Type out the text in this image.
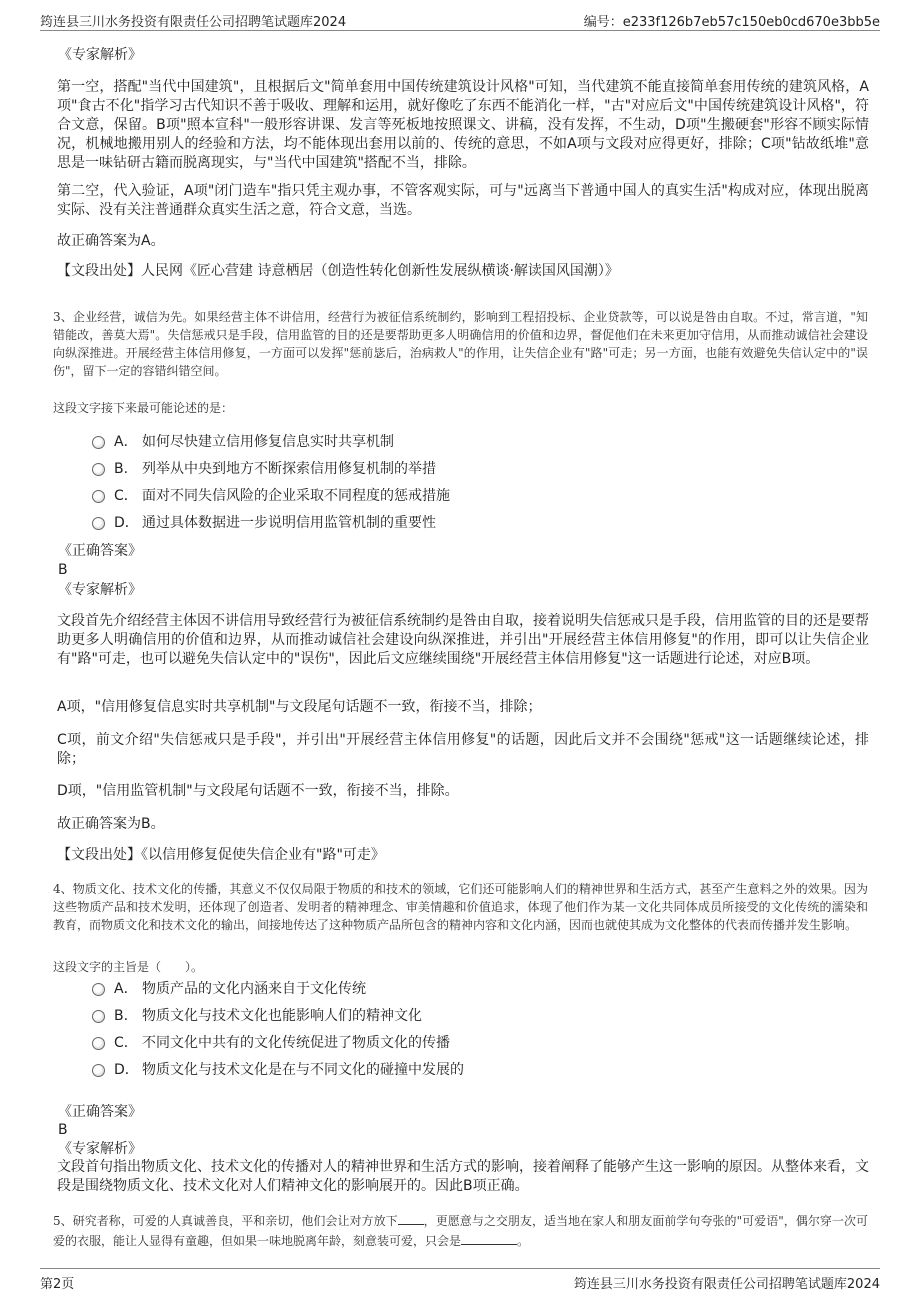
筠连县三川水务投资有限责任公司招聘笔试题库2024	编号：e233f126b7eb57c150eb0cd670e3bb5e
《专家解析》
第一空，搭配"当代中国建筑"，且根据后文"简单套用中国传统建筑设计风格"可知，当代建筑不能直接简单套用传统的建筑风格，A项"食古不化"指学习古代知识不善于吸收、理解和运用，就好像吃了东西不能消化一样，"古"对应后文"中国传统建筑设计风格"，符合文意，保留。B项"照本宣科"一般形容讲课、发言等死板地按照课文、讲稿，没有发挥，不生动，D项"生搬硬套"形容不顾实际情况，机械地搬用别人的经验和方法，均不能体现出套用以前的、传统的意思，不如A项与文段对应得更好，排除；C项"钻故纸堆"意思是一味钻研古籍而脱离现实，与"当代中国建筑"搭配不当，排除。
第二空，代入验证，A项"闭门造车"指只凭主观办事，不管客观实际，可与"远离当下普通中国人的真实生活"构成对应，体现出脱离实际、没有关注普通群众真实生活之意，符合文意，当选。
故正确答案为A。
【文段出处】人民网《匠心营建 诗意栖居（创造性转化创新性发展纵横谈·解读国风国潮）》
3、企业经营，诚信为先。如果经营主体不讲信用，经营行为被征信系统制约，影响到工程招投标、企业贷款等，可以说是咎由自取。不过，常言道，"知错能改，善莫大焉"。失信惩戒只是手段，信用监管的目的还是要帮助更多人明确信用的价值和边界，督促他们在未来更加守信用，从而推动诚信社会建设向纵深推进。开展经营主体信用修复，一方面可以发挥"惩前毖后，治病救人"的作用，让失信企业有"路"可走；另一方面，也能有效避免失信认定中的"误伤"，留下一定的容错纠错空间。
这段文字接下来最可能论述的是：
A． 如何尽快建立信用修复信息实时共享机制
B. 列举从中央到地方不断探索信用修复机制的举措
C． 面对不同失信风险的企业采取不同程度的惩戒措施
D． 通过具体数据进一步说明信用监管机制的重要性
《正确答案》
B
《专家解析》
文段首先介绍经营主体因不讲信用导致经营行为被征信系统制约是咎由自取，接着说明失信惩戒只是手段，信用监管的目的还是要帮助更多人明确信用的价值和边界，从而推动诚信社会建设向纵深推进，并引出"开展经营主体信用修复"的作用，即可以让失信企业有"路"可走，也可以避免失信认定中的"误伤"，因此后文应继续围绕"开展经营主体信用修复"这一话题进行论述，对应B项。
A项，"信用修复信息实时共享机制"与文段尾句话题不一致，衔接不当，排除；
C项，前文介绍"失信惩戒只是手段"，并引出"开展经营主体信用修复"的话题，因此后文并不会围绕"惩戒"这一话题继续论述，排除；
D项，"信用监管机制"与文段尾句话题不一致，衔接不当，排除。
故正确答案为B。
【文段出处】《以信用修复促使失信企业有"路"可走》
4、物质文化、技术文化的传播，其意义不仅仅局限于物质的和技术的领域，它们还可能影响人们的精神世界和生活方式，甚至产生意料之外的效果。因为这些物质产品和技术发明，还体现了创造者、发明者的精神理念、审美情趣和价值追求，体现了他们作为某一文化共同体成员所接受的文化传统的濡染和教育，而物质文化和技术文化的输出，间接地传达了这种物质产品所包含的精神内容和文化内涵，因而也就使其成为文化整体的代表而传播并发生影响。
这段文字的主旨是（　　）。
A． 物质产品的文化内涵来自于文化传统
B. 物质文化与技术文化也能影响人们的精神文化
C． 不同文化中共有的文化传统促进了物质文化的传播
D． 物质文化与技术文化是在与不同文化的碰撞中发展的
《正确答案》
B
《专家解析》
文段首句指出物质文化、技术文化的传播对人的精神世界和生活方式的影响，接着阐释了能够产生这一影响的原因。从整体来看，文段是围绕物质文化、技术文化对人们精神文化的影响展开的。因此B项正确。
5、研究者称，可爱的人真诚善良，平和亲切，他们会让对方放下 ，更愿意与之交朋友，适当地在家人和朋友面前学句夸张的"可爱语"，偶尔穿一次可爱的衣服，能让人显得有童趣，但如果一味地脱离年龄，刻意装可爱，只会是	。
第2页	筠连县三川水务投资有限责任公司招聘笔试题库2024
